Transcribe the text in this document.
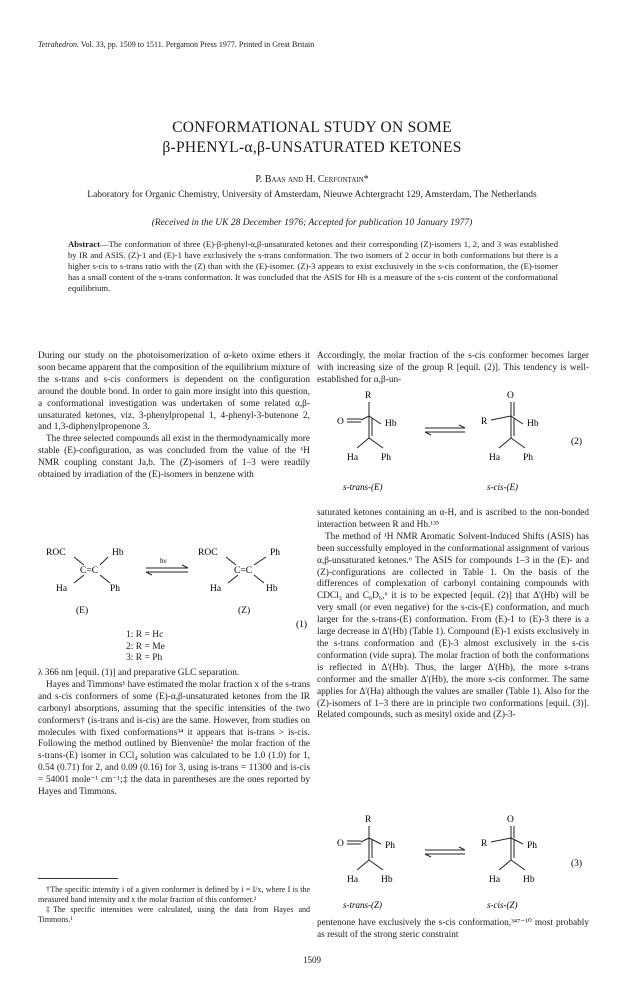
Tetrahedron. Vol. 33, pp. 1509 to 1511. Pergamon Press 1977. Printed in Great Britain
CONFORMATIONAL STUDY ON SOME
β-PHENYL-α,β-UNSATURATED KETONES
P. Baas and H. Cerfontain*
Laboratory for Organic Chemistry, University of Amsterdam, Nieuwe Achtergracht 129, Amsterdam, The Netherlands
(Received in the UK 28 December 1976; Accepted for publication 10 January 1977)
Abstract—The conformation of three (E)-β-phenyl-α,β-unsaturated ketones and their corresponding (Z)-isomers 1, 2, and 3 was established by IR and ASIS. (Z)-1 and (E)-1 have exclusively the s-trans conformation. The two isomers of 2 occur in both conformations but there is a higher s-cis to s-trans ratio with the (Z) than with the (E)-isomer. (Z)-3 appears to exist exclusively in the s-cis conformation, the (E)-isomer has a small content of the s-trans conformation. It was concluded that the ASIS for Hb is a measure of the s-cis content of the conformational equilibrium.
During our study on the photoisomerization of α-keto oxime ethers it soon became apparent that the composition of the equilibrium mixture of the s-trans and s-cis conformers is dependent on the configuration around the double bond. In order to gain more insight into this question, a conformational investigation was undertaken of some related α,β-unsaturated ketones, viz. 3-phenylpropenal 1, 4-phenyl-3-butenone 2, and 1,3-diphenylpropenone 3.
The three selected compounds all exist in the thermodynamically more stable (E)-configuration, as was concluded from the value of the ¹H NMR coupling constant Ja,b. The (Z)-isomers of 1–3 were readily obtained by irradiation of the (E)-isomers in benzene with
ROC	Hb
C=C
Ha	Ph
hν
ROC	Ph
C=C
Ha	Hb
(E)	(Z)
(1)
1: R = Hc
2: R = Me
3: R = Ph
λ 366 nm [equil. (1)] and preparative GLC separation.
Hayes and Timmons¹ have estimated the molar fraction x of the s-trans and s-cis conformers of some (E)-α,β-unsaturated ketones from the IR carbonyl absorptions, assuming that the specific intensities of the two conformers† (is-trans and is-cis) are the same. However, from studies on molecules with fixed conformations³⁴ it appears that is-trans > is-cis. Following the method outlined by Bienvenüe² the molar fraction of the s-trans-(E) isomer in CCl₄ solution was calculated to be 1.0 (1.0) for 1, 0.54 (0.71) for 2, and 0.09 (0.16) for 3, using is-trans = 11300 and is-cis = 54001 mole⁻¹ cm⁻¹;‡ the data in parentheses are the ones reported by Hayes and Timmons.
†The specific intensity i of a given conformer is defined by i = I/x, where I is the measured band intensity and x the molar fraction of this conformer.²
‡The specific intensities were calculated, using the data from Hayes and Timmons.¹
Accordingly, the molar fraction of the s-cis conformer becomes larger with increasing size of the group R [equil. (2)]. This tendency is well-established for α,β-un-
R
O	Hb
Ha Ph
O
R	Hb
Ha Ph
s-trans-(E)	s-cis-(E)
(2)
saturated ketones containing an α-H, and is ascribed to the non-bonded interaction between R and Hb.¹³⁵
The method of ¹H NMR Aromatic Solvent-Induced Shifts (ASIS) has been successfully employed in the conformational assignment of various α,β-unsaturated ketones.⁶ The ASIS for compounds 1–3 in the (E)- and (Z)-configurations are collected in Table 1. On the basis of the differences of complexation of carbonyl containing compounds with CDCl₃ and C₆D₆,⁶ it is to be expected [equil. (2)] that Δ'(Hb) will be very small (or even negative) for the s-cis-(E) conformation, and much larger for the s-trans-(E) conformation. From (E)-1 to (E)-3 there is a large decrease in Δ'(Hb) (Table 1). Compound (E)-1 exists exclusively in the s-trans conformation and (E)-3 almost exclusively in the s-cis conformation (vide supra). The molar fraction of both the conformations is reflected in Δ'(Hb). Thus, the larger Δ'(Hb), the more s-trans conformer and the smaller Δ'(Hb), the more s-cis conformer. The same applies for Δ'(Ha) although the values are smaller (Table 1). Also for the (Z)-isomers of 1–3 there are in principle two conformations [equil. (3)]. Related compounds, such as mesityl oxide and (Z)-3-
R
O	Ph
Ha Hb
O
R	Ph
Ha Hb
s-trans-(Z)	s-cis-(Z)
(3)
pentenone have exclusively the s-cis conformation,³⁴⁷⁻¹⁰ most probably as result of the strong steric constraint
1509
